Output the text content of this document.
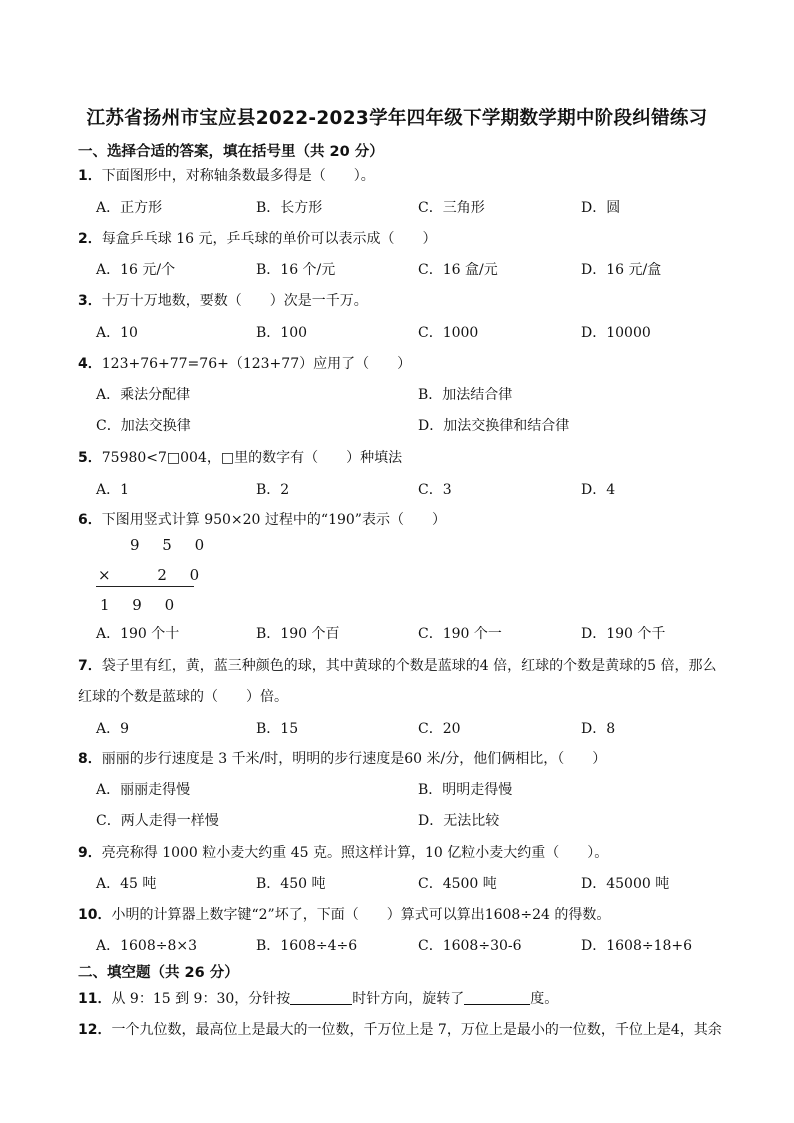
江苏省扬州市宝应县2022-2023学年四年级下学期数学期中阶段纠错练习
一、选择合适的答案，填在括号里（共 20 分）
1．下面图形中，对称轴条数最多得是（　　）。
A．正方形	B．长方形	C．三角形	D．圆
2．每盒乒乓球 16 元，乒乓球的单价可以表示成（　　）
A．16 元/个	B．16 个/元	C．16 盒/元	D．16 元/盒
3．十万十万地数，要数（　　）次是一千万。
A．10	B．100	C．1000	D．10000
4．123+76+77=76+（123+77）应用了（　　）
A．乘法分配律	B．加法结合律
C．加法交换律	D．加法交换律和结合律
5．75980<7□004，□里的数字有（　　）种填法
A．1	B．2	C．3	D．4
6．下图用竖式计算 950×20 过程中的“190”表示（　　）
9 5 0
×　 2 0
1 9 0
A．190 个十	B．190 个百	C．190 个一	D．190 个千
7．袋子里有红，黄，蓝三种颜色的球，其中黄球的个数是蓝球的4 倍，红球的个数是黄球的5 倍，那么
红球的个数是蓝球的（　　）倍。
A．9	B．15	C．20	D．8
8．丽丽的步行速度是 3 千米/时，明明的步行速度是60 米/分，他们俩相比，（　　）
A．丽丽走得慢	B．明明走得慢
C．两人走得一样慢	D．无法比较
9．亮亮称得 1000 粒小麦大约重 45 克。照这样计算，10 亿粒小麦大约重（　　）。
A．45 吨	B．450 吨	C．4500 吨	D．45000 吨
10．小明的计算器上数字键“2”坏了，下面（　　）算式可以算出1608÷24 的得数。
A．1608÷8×3	B．1608÷4÷6	C．1608÷30-6	D．1608÷18+6
二、填空题（共 26 分）
11．从 9：15 到 9：30，分针按	时针方向，旋转了	度。
12．一个九位数，最高位上是最大的一位数，千万位上是 7，万位上是最小的一位数，千位上是4，其余
